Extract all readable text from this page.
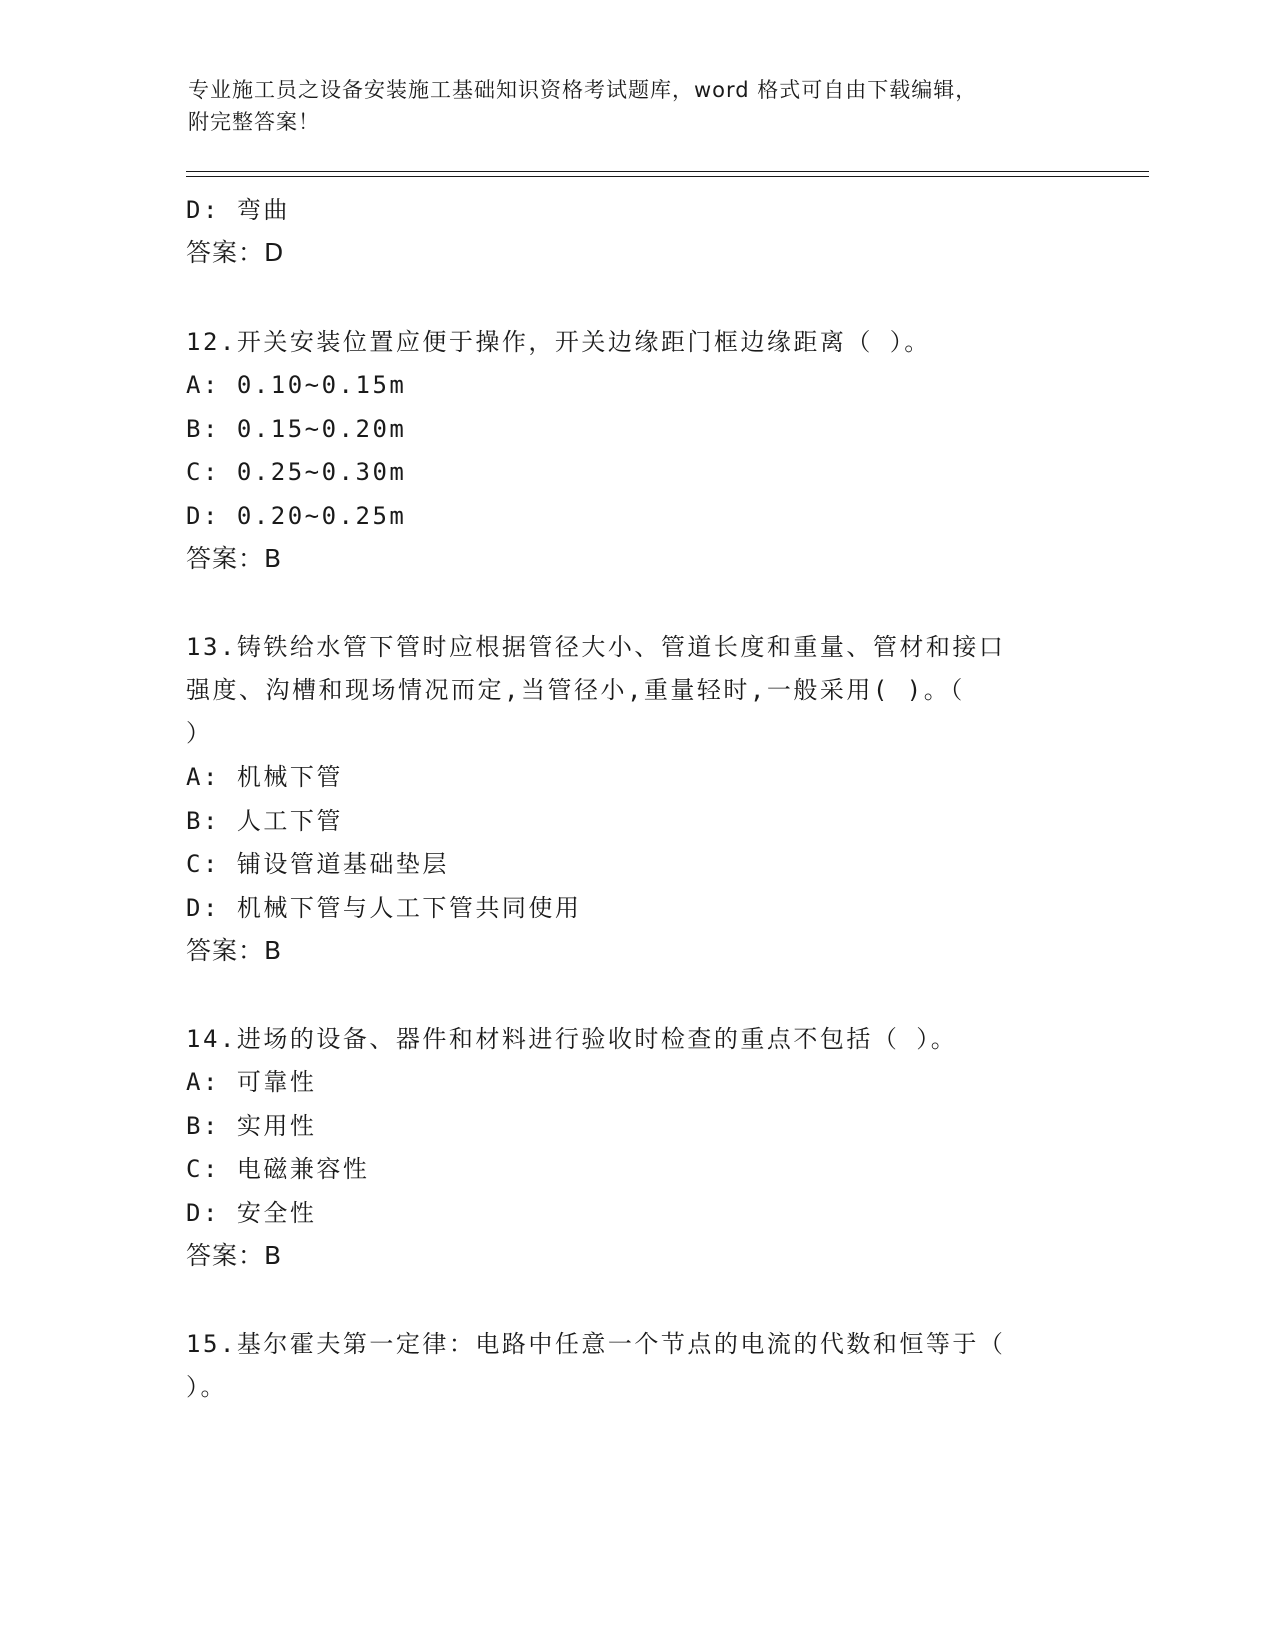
专业施工员之设备安装施工基础知识资格考试题库，word 格式可自由下载编辑，
附完整答案！
D: 弯曲
答案：D
12.开关安装位置应便于操作，开关边缘距门框边缘距离（ ）。
A: 0.10~0.15m
B: 0.15~0.20m
C: 0.25~0.30m
D: 0.20~0.25m
答案：B
13.铸铁给水管下管时应根据管径大小、管道长度和重量、管材和接口
强度、沟槽和现场情况而定,当管径小,重量轻时,一般采用( )。（
）
A: 机械下管
B: 人工下管
C: 铺设管道基础垫层
D: 机械下管与人工下管共同使用
答案：B
14.进场的设备、器件和材料进行验收时检查的重点不包括（ ）。
A: 可靠性
B: 实用性
C: 电磁兼容性
D: 安全性
答案：B
15.基尔霍夫第一定律：电路中任意一个节点的电流的代数和恒等于（
）。
